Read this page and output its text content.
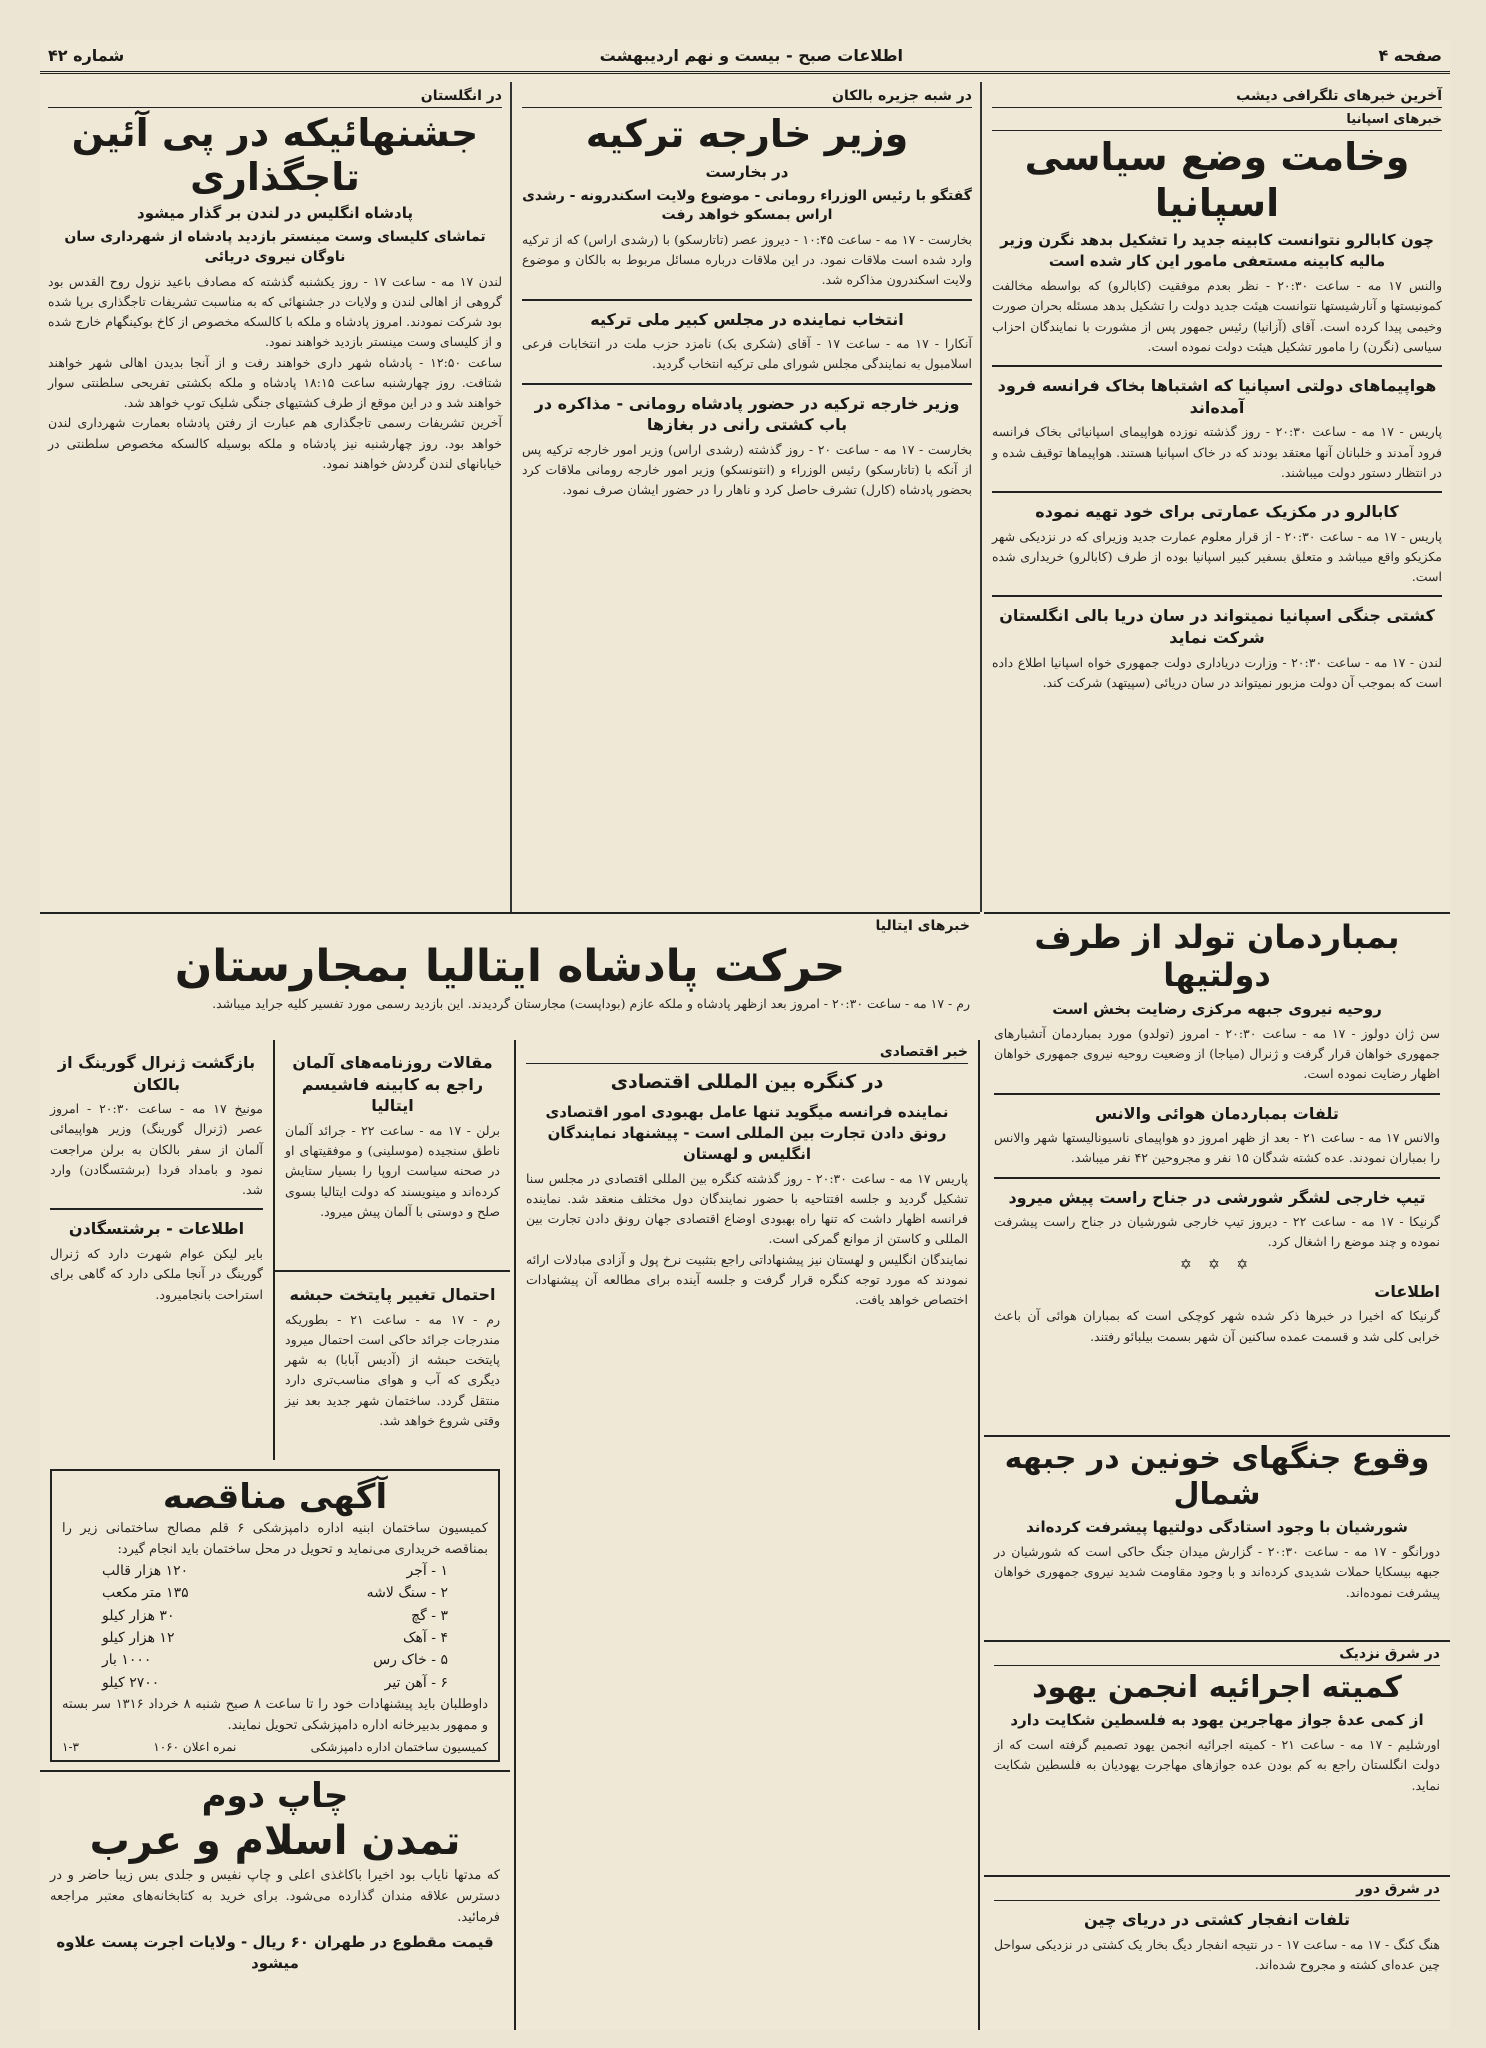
صفحه ۴
اطلاعات صبح - بیست و نهم اردیبهشت
شماره ۴۲
آخرین خبرهای تلگرافی دیشب
خبرهای اسپانیا
وخامت وضع سیاسی اسپانیا
چون کابالرو نتوانست کابینه جدید را تشکیل بدهد نگرن وزیر مالیه کابینه مستعفی مامور این کار شده است

والنس ۱۷ مه - ساعت ۲۰:۳۰ - نظر بعدم موفقیت (کابالرو) که بواسطه مخالفت کمونیستها و آنارشیستها نتوانست هیئت جدید دولت را تشکیل بدهد مسئله بحران صورت وخیمی پیدا کرده است. آقای (آزانیا) رئیس جمهور پس از مشورت با نمایندگان احزاب سیاسی (نگرن) را مامور تشکیل هیئت دولت نموده است.

هواپیماهای دولتی اسپانیا که اشتباها بخاک فرانسه فرود آمده‌اند

پاریس - ۱۷ مه - ساعت ۲۰:۳۰ - روز گذشته نوزده هواپیمای اسپانیائی بخاک فرانسه فرود آمدند و خلبانان آنها معتقد بودند که در خاک اسپانیا هستند. هواپیماها توقیف شده و در انتظار دستور دولت میباشند.

کابالرو در مکزیک عمارتی برای خود تهیه نموده

پاریس - ۱۷ مه - ساعت ۲۰:۳۰ - از قرار معلوم عمارت جدید وزیرای که در نزدیکی شهر مکزیکو واقع میباشد و متعلق بسفیر کبیر اسپانیا بوده از طرف (کابالرو) خریداری شده است.

کشتی جنگی اسپانیا نمیتواند در سان دریا بالی انگلستان شرکت نماید

لندن - ۱۷ مه - ساعت ۲۰:۳۰ - وزارت دریاداری دولت جمهوری خواه اسپانیا اطلاع داده است که بموجب آن دولت مزبور نمیتواند در سان دریائی (سپیتهد) شرکت کند.

در شبه جزیره بالکان
وزیر خارجه ترکیه
در بخارست
گفتگو با رئیس الوزراء رومانی - موضوع ولایت اسکندرونه - رشدی اراس بمسکو خواهد رفت

بخارست - ۱۷ مه - ساعت ۱۰:۴۵ - دیروز عصر (تاتارسکو) با (رشدی اراس) که از ترکیه وارد شده است ملاقات نمود. در این ملاقات درباره مسائل مربوط به بالکان و موضوع ولایت اسکندرون مذاکره شد.

انتخاب نماینده در مجلس کبیر ملی ترکیه

آنکارا - ۱۷ مه - ساعت ۱۷ - آقای (شکری بک) نامزد حزب ملت در انتخابات فرعی اسلامبول به نمایندگی مجلس شورای ملی ترکیه انتخاب گردید.

وزیر خارجه ترکیه در حضور پادشاه رومانی - مذاکره در باب کشتی رانی در بغازها

بخارست - ۱۷ مه - ساعت ۲۰ - روز گذشته (رشدی اراس) وزیر امور خارجه ترکیه پس از آنکه با (تاتارسکو) رئیس الوزراء و (انتونسکو) وزیر امور خارجه رومانی ملاقات کرد بحضور پادشاه (کارل) تشرف حاصل کرد و ناهار را در حضور ایشان صرف نمود.

در انگلستان
جشنهائیکه در پی آئین تاجگذاری
پادشاه انگلیس در لندن بر گذار میشود
تماشای کلیسای وست مینستر بازدید پادشاه از شهرداری سان ناوگان نیروی دریائی

لندن ۱۷ مه - ساعت ۱۷ - روز یکشنبه گذشته که مصادف باعید نزول روح القدس بود گروهی از اهالی لندن و ولایات در جشنهائی که به مناسبت تشریفات تاجگذاری برپا شده بود شرکت نمودند. امروز پادشاه و ملکه با کالسکه مخصوص از کاخ بوکینگهام خارج شده و از کلیسای وست مینستر بازدید خواهند نمود.

ساعت ۱۲:۵۰ - پادشاه شهر داری خواهند رفت و از آنجا بدیدن اهالی شهر خواهند شتافت. روز چهارشنبه ساعت ۱۸:۱۵ پادشاه و ملکه بکشتی تفریحی سلطنتی سوار خواهند شد و در این موقع از طرف کشتیهای جنگی شلیک توپ خواهد شد.

آخرین تشریفات رسمی تاجگذاری هم عبارت از رفتن پادشاه بعمارت شهرداری لندن خواهد بود. روز چهارشنبه نیز پادشاه و ملکه بوسیله کالسکه مخصوص سلطنتی در خیابانهای لندن گردش خواهند نمود.

خبرهای ایتالیا
حرکت پادشاه ایتالیا بمجارستان

رم - ۱۷ مه - ساعت ۲۰:۳۰ - امروز بعد ازظهر پادشاه و ملکه عازم (بوداپست) مجارستان گردیدند. این بازدید رسمی مورد تفسیر کلیه جراید میباشد.

بمباردمان تولد از طرف دولتیها
روحیه نیروی جبهه مرکزی رضایت بخش است

سن ژان دولوز - ۱۷ مه - ساعت ۲۰:۳۰ - امروز (تولدو) مورد بمباردمان آتشبارهای جمهوری خواهان قرار گرفت و ژنرال (میاجا) از وضعیت روحیه نیروی جمهوری خواهان اظهار رضایت نموده است.

تلفات بمباردمان هوائی والانس

والانس ۱۷ مه - ساعت ۲۱ - بعد از ظهر امروز دو هواپیمای ناسیونالیستها شهر والانس را بمباران نمودند. عده کشته شدگان ۱۵ نفر و مجروحین ۴۲ نفر میباشد.

تیپ خارجی لشگر شورشی در جناح راست پیش میرود

گرنیکا - ۱۷ مه - ساعت ۲۲ - دیروز تیپ خارجی شورشیان در جناح راست پیشرفت نموده و چند موضع را اشغال کرد.

✡ ✡ ✡
اطلاعات

گرنیکا که اخیرا در خبرها ذکر شده شهر کوچکی است که بمباران هوائی آن باعث خرابی کلی شد و قسمت عمده ساکنین آن شهر بسمت بیلبائو رفتند.

بازگشت ژنرال گورینگ از بالکان

مونیخ ۱۷ مه - ساعت ۲۰:۳۰ - امروز عصر (ژنرال گورینگ) وزیر هواپیمائی آلمان از سفر بالکان به برلن مراجعت نمود و بامداد فردا (برشتسگادن) وارد شد.

اطلاعات - برشتسگادن

بایر لیکن عوام شهرت دارد که ژنرال گورینگ در آنجا ملکی دارد که گاهی برای استراحت بانجامیرود.

مقالات روزنامه‌های آلمان راجع به کابینه فاشیسم ایتالیا

برلن - ۱۷ مه - ساعت ۲۲ - جرائد آلمان ناطق سنجیده (موسلینی) و موفقیتهای او در صحنه سیاست اروپا را بسیار ستایش کرده‌اند و مینویسند که دولت ایتالیا بسوی صلح و دوستی با آلمان پیش میرود.

احتمال تغییر پایتخت حبشه

رم - ۱۷ مه - ساعت ۲۱ - بطوریکه مندرجات جرائد حاکی است احتمال میرود پایتخت حبشه از (آدیس آبابا) به شهر دیگری که آب و هوای مناسب‌تری دارد منتقل گردد. ساختمان شهر جدید بعد نیز وقتی شروع خواهد شد.

خبر اقتصادی
در کنگره بین المللی اقتصادی
نماینده فرانسه میگوید تنها عامل بهبودی امور اقتصادی رونق دادن تجارت بین المللی است - پیشنهاد نمایندگان انگلیس و لهستان

پاریس ۱۷ مه - ساعت ۲۰:۳۰ - روز گذشته کنگره بین المللی اقتصادی در مجلس سنا تشکیل گردید و جلسه افتتاحیه با حضور نمایندگان دول مختلف منعقد شد. نماینده فرانسه اظهار داشت که تنها راه بهبودی اوضاع اقتصادی جهان رونق دادن تجارت بین المللی و کاستن از موانع گمرکی است.

نمایندگان انگلیس و لهستان نیز پیشنهاداتی راجع بتثبیت نرخ پول و آزادی مبادلات ارائه نمودند که مورد توجه کنگره قرار گرفت و جلسه آینده برای مطالعه آن پیشنهادات اختصاص خواهد یافت.

آگهی مناقصه

کمیسیون ساختمان ابنیه اداره دامپزشکی ۶ قلم مصالح ساختمانی زیر را بمناقصه خریداری می‌نماید و تحویل در محل ساختمان باید انجام گیرد:

۱ - آجر
۱۲۰ هزار قالب
۲ - سنگ لاشه
۱۳۵ متر مکعب
۳ - گچ
۳۰ هزار کیلو
۴ - آهک
۱۲ هزار کیلو
۵ - خاک رس
۱۰۰۰ بار
۶ - آهن تیر
۲۷۰۰ کیلو

داوطلبان باید پیشنهادات خود را تا ساعت ۸ صبح شنبه ۸ خرداد ۱۳۱۶ سر بسته و ممهور بدبیرخانه اداره دامپزشکی تحویل نمایند.

کمیسیون ساختمان اداره دامپزشکی
نمره اعلان ۱۰۶۰
۱-۳
چاپ دوم
تمدن اسلام و عرب

که مدتها نایاب بود اخیرا باکاغذی اعلی و چاپ نفیس و جلدی بس زیبا حاضر و در دسترس علاقه مندان گذارده می‌شود. برای خرید به کتابخانه‌های معتبر مراجعه فرمائید.

قیمت مقطوع در طهران ۶۰ ریال - ولایات اجرت پست علاوه میشود
وقوع جنگهای خونین در جبهه شمال
شورشیان با وجود استادگی دولتیها پیشرفت کرده‌اند

دورانگو - ۱۷ مه - ساعت ۲۰:۳۰ - گزارش میدان جنگ حاکی است که شورشیان در جبهه بیسکایا حملات شدیدی کرده‌اند و با وجود مقاومت شدید نیروی جمهوری خواهان پیشرفت نموده‌اند.

در شرق نزدیک
کمیته اجرائیه انجمن یهود
از کمی عدۀ جواز مهاجرین یهود به فلسطین شکایت دارد

اورشلیم - ۱۷ مه - ساعت ۲۱ - کمیته اجرائیه انجمن یهود تصمیم گرفته است که از دولت انگلستان راجع به کم بودن عده جوازهای مهاجرت یهودیان به فلسطین شکایت نماید.

در شرق دور
تلفات انفجار کشتی در دریای چین

هنگ کنگ - ۱۷ مه - ساعت ۱۷ - در نتیجه انفجار دیگ بخار یک کشتی در نزدیکی سواحل چین عده‌ای کشته و مجروح شده‌اند.
